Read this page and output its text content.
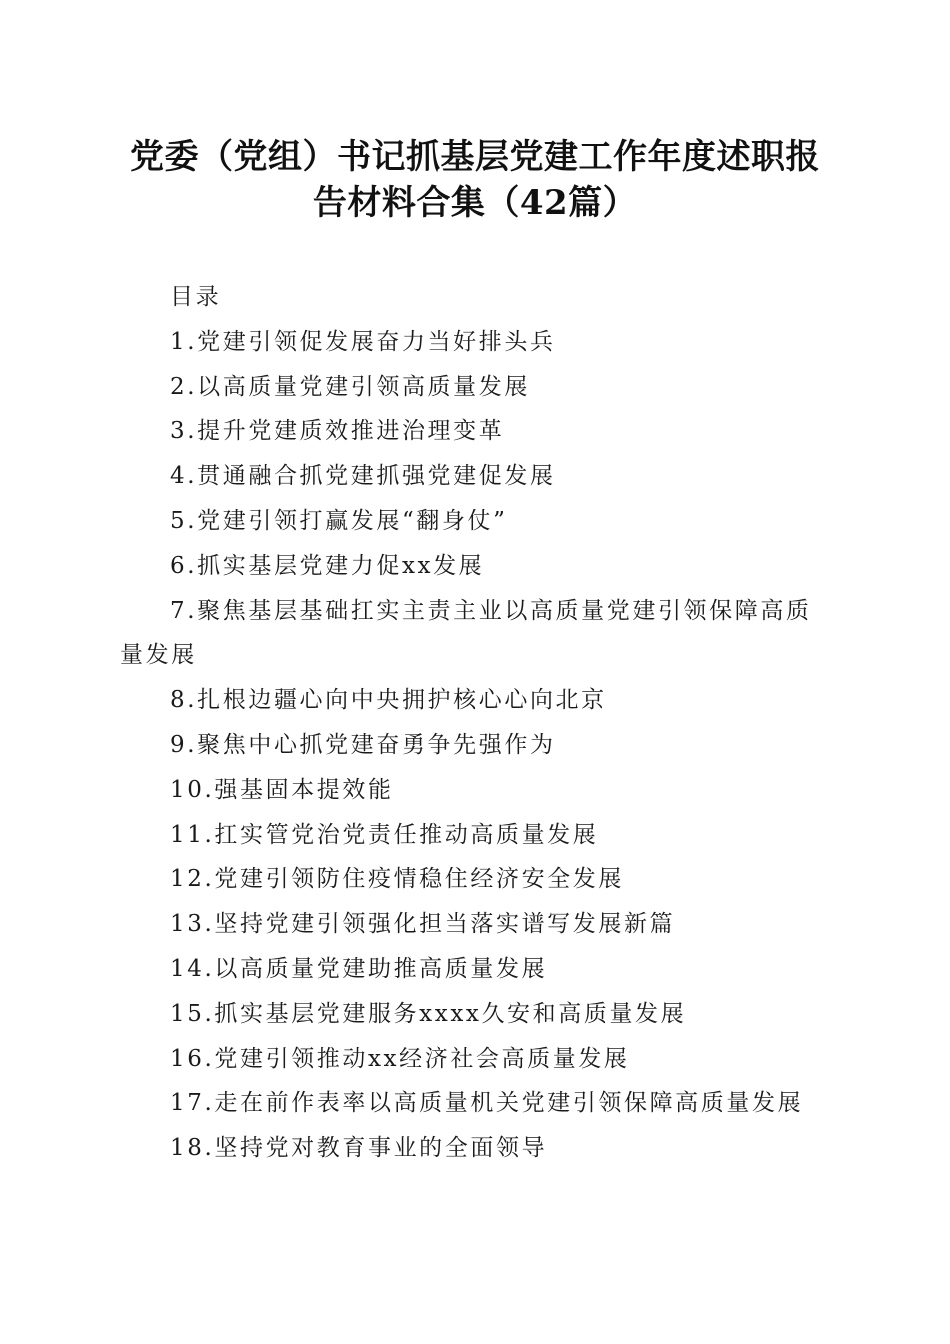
党委（党组）书记抓基层党建工作年度述职报
告材料合集（42篇）

目录

1.党建引领促发展奋力当好排头兵
2.以高质量党建引领高质量发展
3.提升党建质效推进治理变革
4.贯通融合抓党建抓强党建促发展
5.党建引领打赢发展“翻身仗”
6.抓实基层党建力促xx发展
7.聚焦基层基础扛实主责主业以高质量党建引领保障高质量发展
8.扎根边疆心向中央拥护核心心向北京
9.聚焦中心抓党建奋勇争先强作为
10.强基固本提效能
11.扛实管党治党责任推动高质量发展
12.党建引领防住疫情稳住经济安全发展
13.坚持党建引领强化担当落实谱写发展新篇
14.以高质量党建助推高质量发展
15.抓实基层党建服务xxxx久安和高质量发展
16.党建引领推动xx经济社会高质量发展
17.走在前作表率以高质量机关党建引领保障高质量发展
18.坚持党对教育事业的全面领导
